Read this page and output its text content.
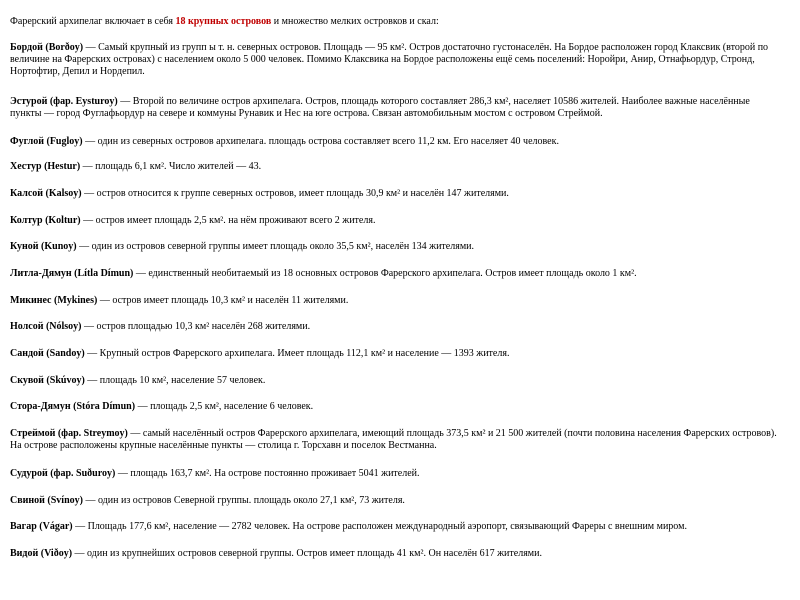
Фарерский архипелаг включает в себя 18 крупных островов и множество мелких островков и скал:

Бордой (Borðoy) — Самый крупный из групп ы т. н. северных островов. Площадь — 95 км². Остров достаточно густонаселён. На Бордое расположен город Клаксвик (второй по величине на Фарерских островах) с населением около 5 000 человек. Помимо Клаксвика на Бордое расположены ещё семь поселений: Норойри, Анир, Отнафьордур, Стронд, Нортофтир, Депил и Нордепил.

Эстурой (фар. Eysturoy) — Второй по величине остров архипелага. Остров, площадь которого составляет 286,3 км², населяет 10586 жителей. Наиболее важные населённые пункты — город Фуглафьордур на севере и коммуны Рунавик и Нес на юге острова. Связан автомобильным мостом с островом Стреймой.

Фуглой (Fugloy) — один из северных островов архипелага. площадь острова составляет всего 11,2 км. Его населяет 40 человек.

Хестур (Hestur) — площадь 6,1 км². Число жителей — 43.

Калсой (Kalsoy) — остров относится к группе северных островов, имеет площадь 30,9 км² и населён 147 жителями.

Колтур (Koltur) — остров имеет площадь 2,5 км². на нём проживают всего 2 жителя.

Куной (Kunoy) — один из островов северной группы имеет площадь около 35,5 км², населён 134 жителями.

Литла-Дямун (Lítla Dímun) — единственный необитаемый из 18 основных островов Фарерского архипелага. Остров имеет площадь около 1 км².

Микинес (Mykines) — остров имеет площадь 10,3 км² и населён 11 жителями.

Нолсой (Nólsoy) — остров площадью 10,3 км² населён 268 жителями.

Сандой (Sandoy) — Крупный остров Фарерского архипелага. Имеет площадь 112,1 км² и население — 1393 жителя.

Скувой (Skúvoy) — площадь 10 км², население 57 человек.

Стора-Дямун (Stóra Dímun) — площадь 2,5 км², население 6 человек.

Стреймой (фар. Streymoy) — самый населённый остров Фарерского архипелага, имеющий площадь 373,5 км² и 21 500 жителей (почти половина населения Фарерских островов). На острове расположены крупные населённые пункты — столица г. Торсхавн и поселок Вестманна.

Судурой (фар. Suðuroy) — площадь 163,7 км². На острове постоянно проживает 5041 жителей.

Свиной (Svínoy) — один из островов Северной группы. площадь около 27,1 км², 73 жителя.

Вагар (Vágar) — Площадь 177,6 км², население — 2782 человек. На острове расположен международный аэропорт, связывающий Фареры с внешним миром.

Видой (Viðoy) — один из крупнейших островов северной группы. Остров имеет площадь 41 км². Он населён 617 жителями.
